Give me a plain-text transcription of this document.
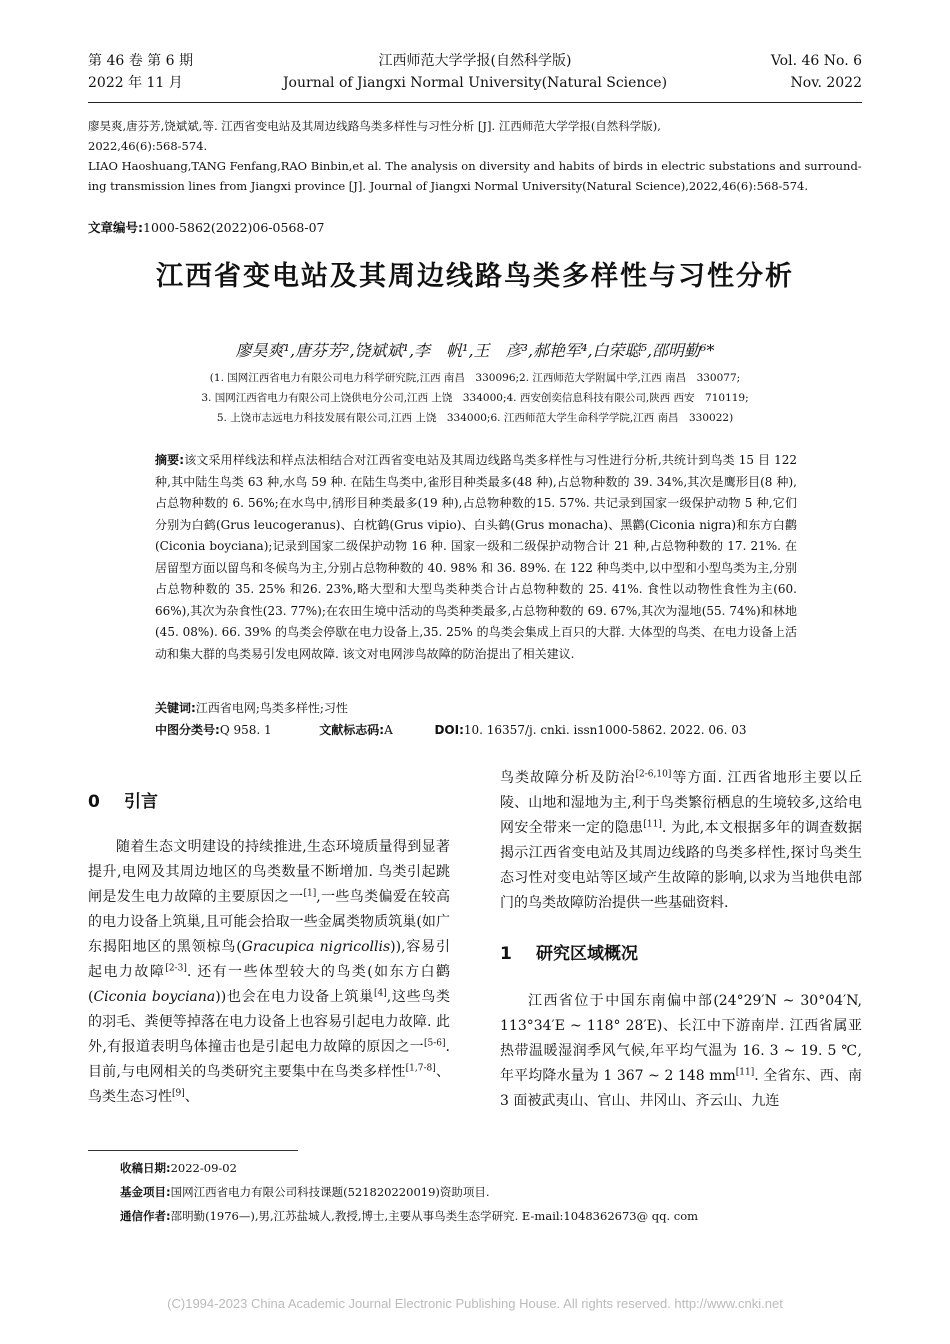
第 46 卷 第 6 期
2022 年 11 月
江西师范大学学报(自然科学版)
Journal of Jiangxi Normal University(Natural Science)
Vol. 46 No. 6
Nov. 2022
廖昊爽,唐芬芳,饶斌斌,等. 江西省变电站及其周边线路鸟类多样性与习性分析 [J]. 江西师范大学学报(自然科学版),
2022,46(6):568-574.
LIAO Haoshuang,TANG Fenfang,RAO Binbin,et al. The analysis on diversity and habits of birds in electric substations and surround-
ing transmission lines from Jiangxi province [J]. Journal of Jiangxi Normal University(Natural Science),2022,46(6):568-574.
文章编号:1000-5862(2022)06-0568-07
江西省变电站及其周边线路鸟类多样性与习性分析
廖昊爽¹,唐芬芳²,饶斌斌¹,李　帆¹,王　彦³,郝艳军⁴,白荣聪⁵,邵明勤⁶*
(1. 国网江西省电力有限公司电力科学研究院,江西 南昌　330096;2. 江西师范大学附属中学,江西 南昌　330077;
3. 国网江西省电力有限公司上饶供电分公司,江西 上饶　334000;4. 西安创奕信息科技有限公司,陕西 西安　710119;
5. 上饶市志远电力科技发展有限公司,江西 上饶　334000;6. 江西师范大学生命科学学院,江西 南昌　330022)
摘要:该文采用样线法和样点法相结合对江西省变电站及其周边线路鸟类多样性与习性进行分析,共统计到鸟类 15 目 122 种,其中陆生鸟类 63 种,水鸟 59 种. 在陆生鸟类中,雀形目种类最多(48 种),占总物种数的 39. 34%,其次是鹰形目(8 种),占总物种数的 6. 56%;在水鸟中,鸻形目种类最多(19 种),占总物种数的15. 57%. 共记录到国家一级保护动物 5 种,它们分别为白鹤(Grus leucogeranus)、白枕鹤(Grus vipio)、白头鹤(Grus monacha)、黑鹳(Ciconia nigra)和东方白鹳(Ciconia boyciana);记录到国家二级保护动物 16 种. 国家一级和二级保护动物合计 21 种,占总物种数的 17. 21%. 在居留型方面以留鸟和冬候鸟为主,分别占总物种数的 40. 98% 和 36. 89%. 在 122 种鸟类中,以中型和小型鸟类为主,分别占总物种数的 35. 25% 和26. 23%,略大型和大型鸟类种类合计占总物种数的 25. 41%. 食性以动物性食性为主(60. 66%),其次为杂食性(23. 77%);在农田生境中活动的鸟类种类最多,占总物种数的 69. 67%,其次为湿地(55. 74%)和林地(45. 08%). 66. 39% 的鸟类会停歇在电力设备上,35. 25% 的鸟类会集成上百只的大群. 大体型的鸟类、在电力设备上活动和集大群的鸟类易引发电网故障. 该文对电网涉鸟故障的防治提出了相关建议.
关键词:江西省电网;鸟类多样性;习性
中图分类号:Q 958. 1	文献标志码:A	DOI:10. 16357/j. cnki. issn1000-5862. 2022. 06. 03
0 引言

随着生态文明建设的持续推进,生态环境质量得到显著提升,电网及其周边地区的鸟类数量不断增加. 鸟类引起跳闸是发生电力故障的主要原因之一[1],一些鸟类偏爱在较高的电力设备上筑巢,且可能会拾取一些金属类物质筑巢(如广东揭阳地区的黑领椋鸟(Gracupica nigricollis)),容易引起电力故障[2-3]. 还有一些体型较大的鸟类(如东方白鹳(Ciconia boyciana))也会在电力设备上筑巢[4],这些鸟类的羽毛、粪便等掉落在电力设备上也容易引起电力故障. 此外,有报道表明鸟体撞击也是引起电力故障的原因之一[5-6]. 目前,与电网相关的鸟类研究主要集中在鸟类多样性[1,7-8]、鸟类生态习性[9]、

鸟类故障分析及防治[2-6,10]等方面. 江西省地形主要以丘陵、山地和湿地为主,利于鸟类繁衍栖息的生境较多,这给电网安全带来一定的隐患[11]. 为此,本文根据多年的调查数据揭示江西省变电站及其周边线路的鸟类多样性,探讨鸟类生态习性对变电站等区域产生故障的影响,以求为当地供电部门的鸟类故障防治提供一些基础资料.

1 研究区域概况

江西省位于中国东南偏中部(24°29′N ~ 30°04′N, 113°34′E ~ 118° 28′E)、长江中下游南岸. 江西省属亚热带温暖湿润季风气候,年平均气温为 16. 3 ~ 19. 5 ℃,年平均降水量为 1 367 ~ 2 148 mm[11]. 全省东、西、南 3 面被武夷山、官山、井冈山、齐云山、九连

收稿日期:2022-09-02
基金项目:国网江西省电力有限公司科技课题(521820220019)资助项目.
通信作者:邵明勤(1976—),男,江苏盐城人,教授,博士,主要从事鸟类生态学研究. E-mail:1048362673@ qq. com
(C)1994-2023 China Academic Journal Electronic Publishing House. All rights reserved. http://www.cnki.net
